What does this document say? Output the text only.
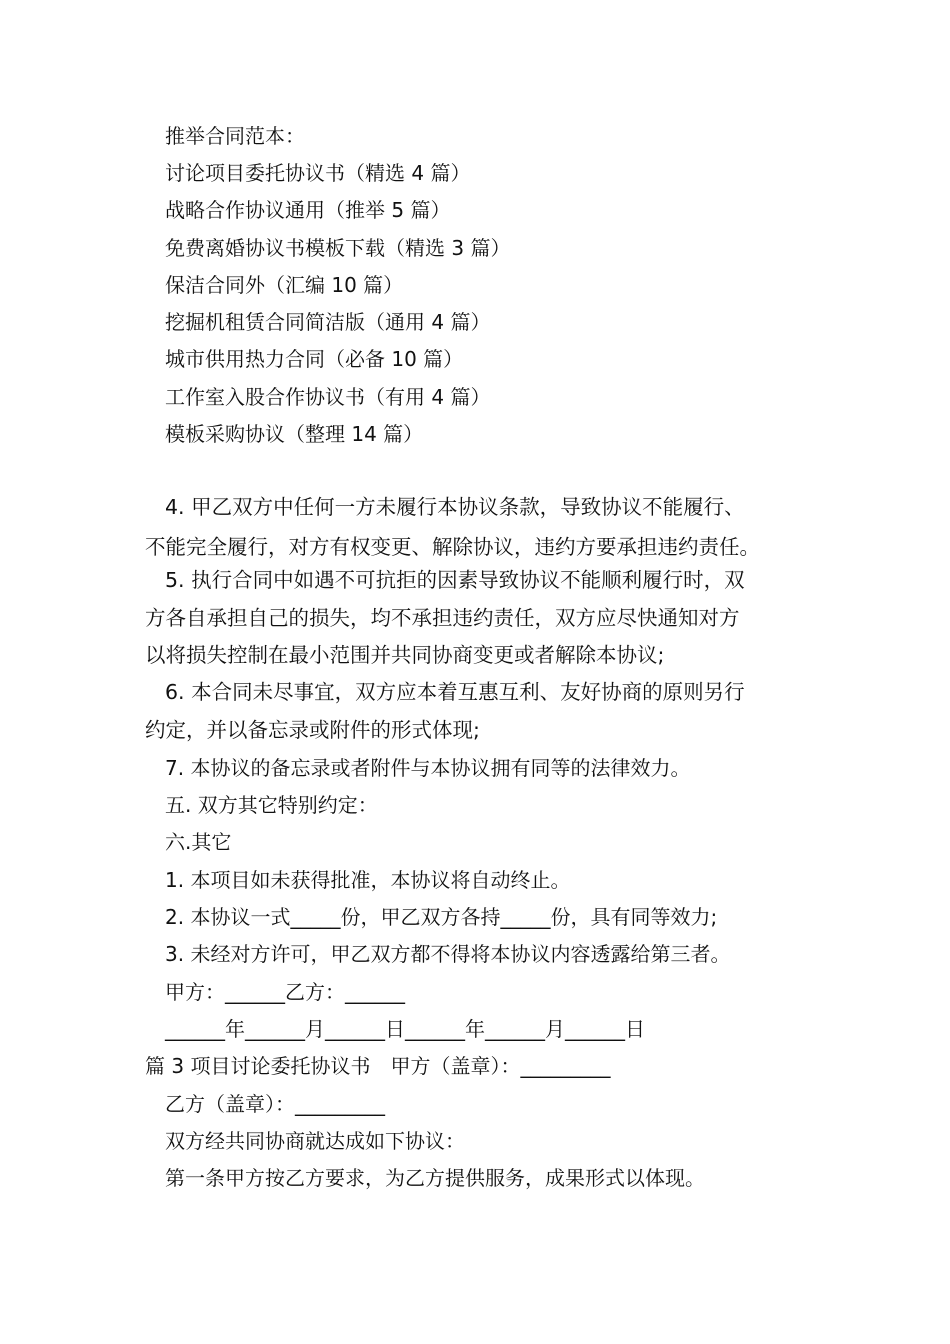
推举合同范本：
讨论项目委托协议书（精选 4 篇）
战略合作协议通用（推举 5 篇）
免费离婚协议书模板下载（精选 3 篇）
保洁合同外（汇编 10 篇）
挖掘机租赁合同简洁版（通用 4 篇）
城市供用热力合同（必备 10 篇）
工作室入股合作协议书（有用 4 篇）
模板采购协议（整理 14 篇）
4. 甲乙双方中任何一方未履行本协议条款，导致协议不能履行、
不能完全履行，对方有权变更、解除协议，违约方要承担违约责任。
5. 执行合同中如遇不可抗拒的因素导致协议不能顺利履行时，双
方各自承担自己的损失，均不承担违约责任，双方应尽快通知对方
以将损失控制在最小范围并共同协商变更或者解除本协议;
6. 本合同未尽事宜，双方应本着互惠互利、友好协商的原则另行
约定，并以备忘录或附件的形式体现;
7. 本协议的备忘录或者附件与本协议拥有同等的法律效力。
五. 双方其它特别约定：
六.其它
1. 本项目如未获得批准，本协议将自动终止。
2. 本协议一式_____份，甲乙双方各持_____份，具有同等效力;
3. 未经对方许可，甲乙双方都不得将本协议内容透露给第三者。
甲方：______乙方：______
______年______月______日______年______月______日
篇 3 项目讨论委托协议书　甲方（盖章）：_________
乙方（盖章）：_________
双方经共同协商就达成如下协议：
第一条甲方按乙方要求，为乙方提供服务，成果形式以体现。
